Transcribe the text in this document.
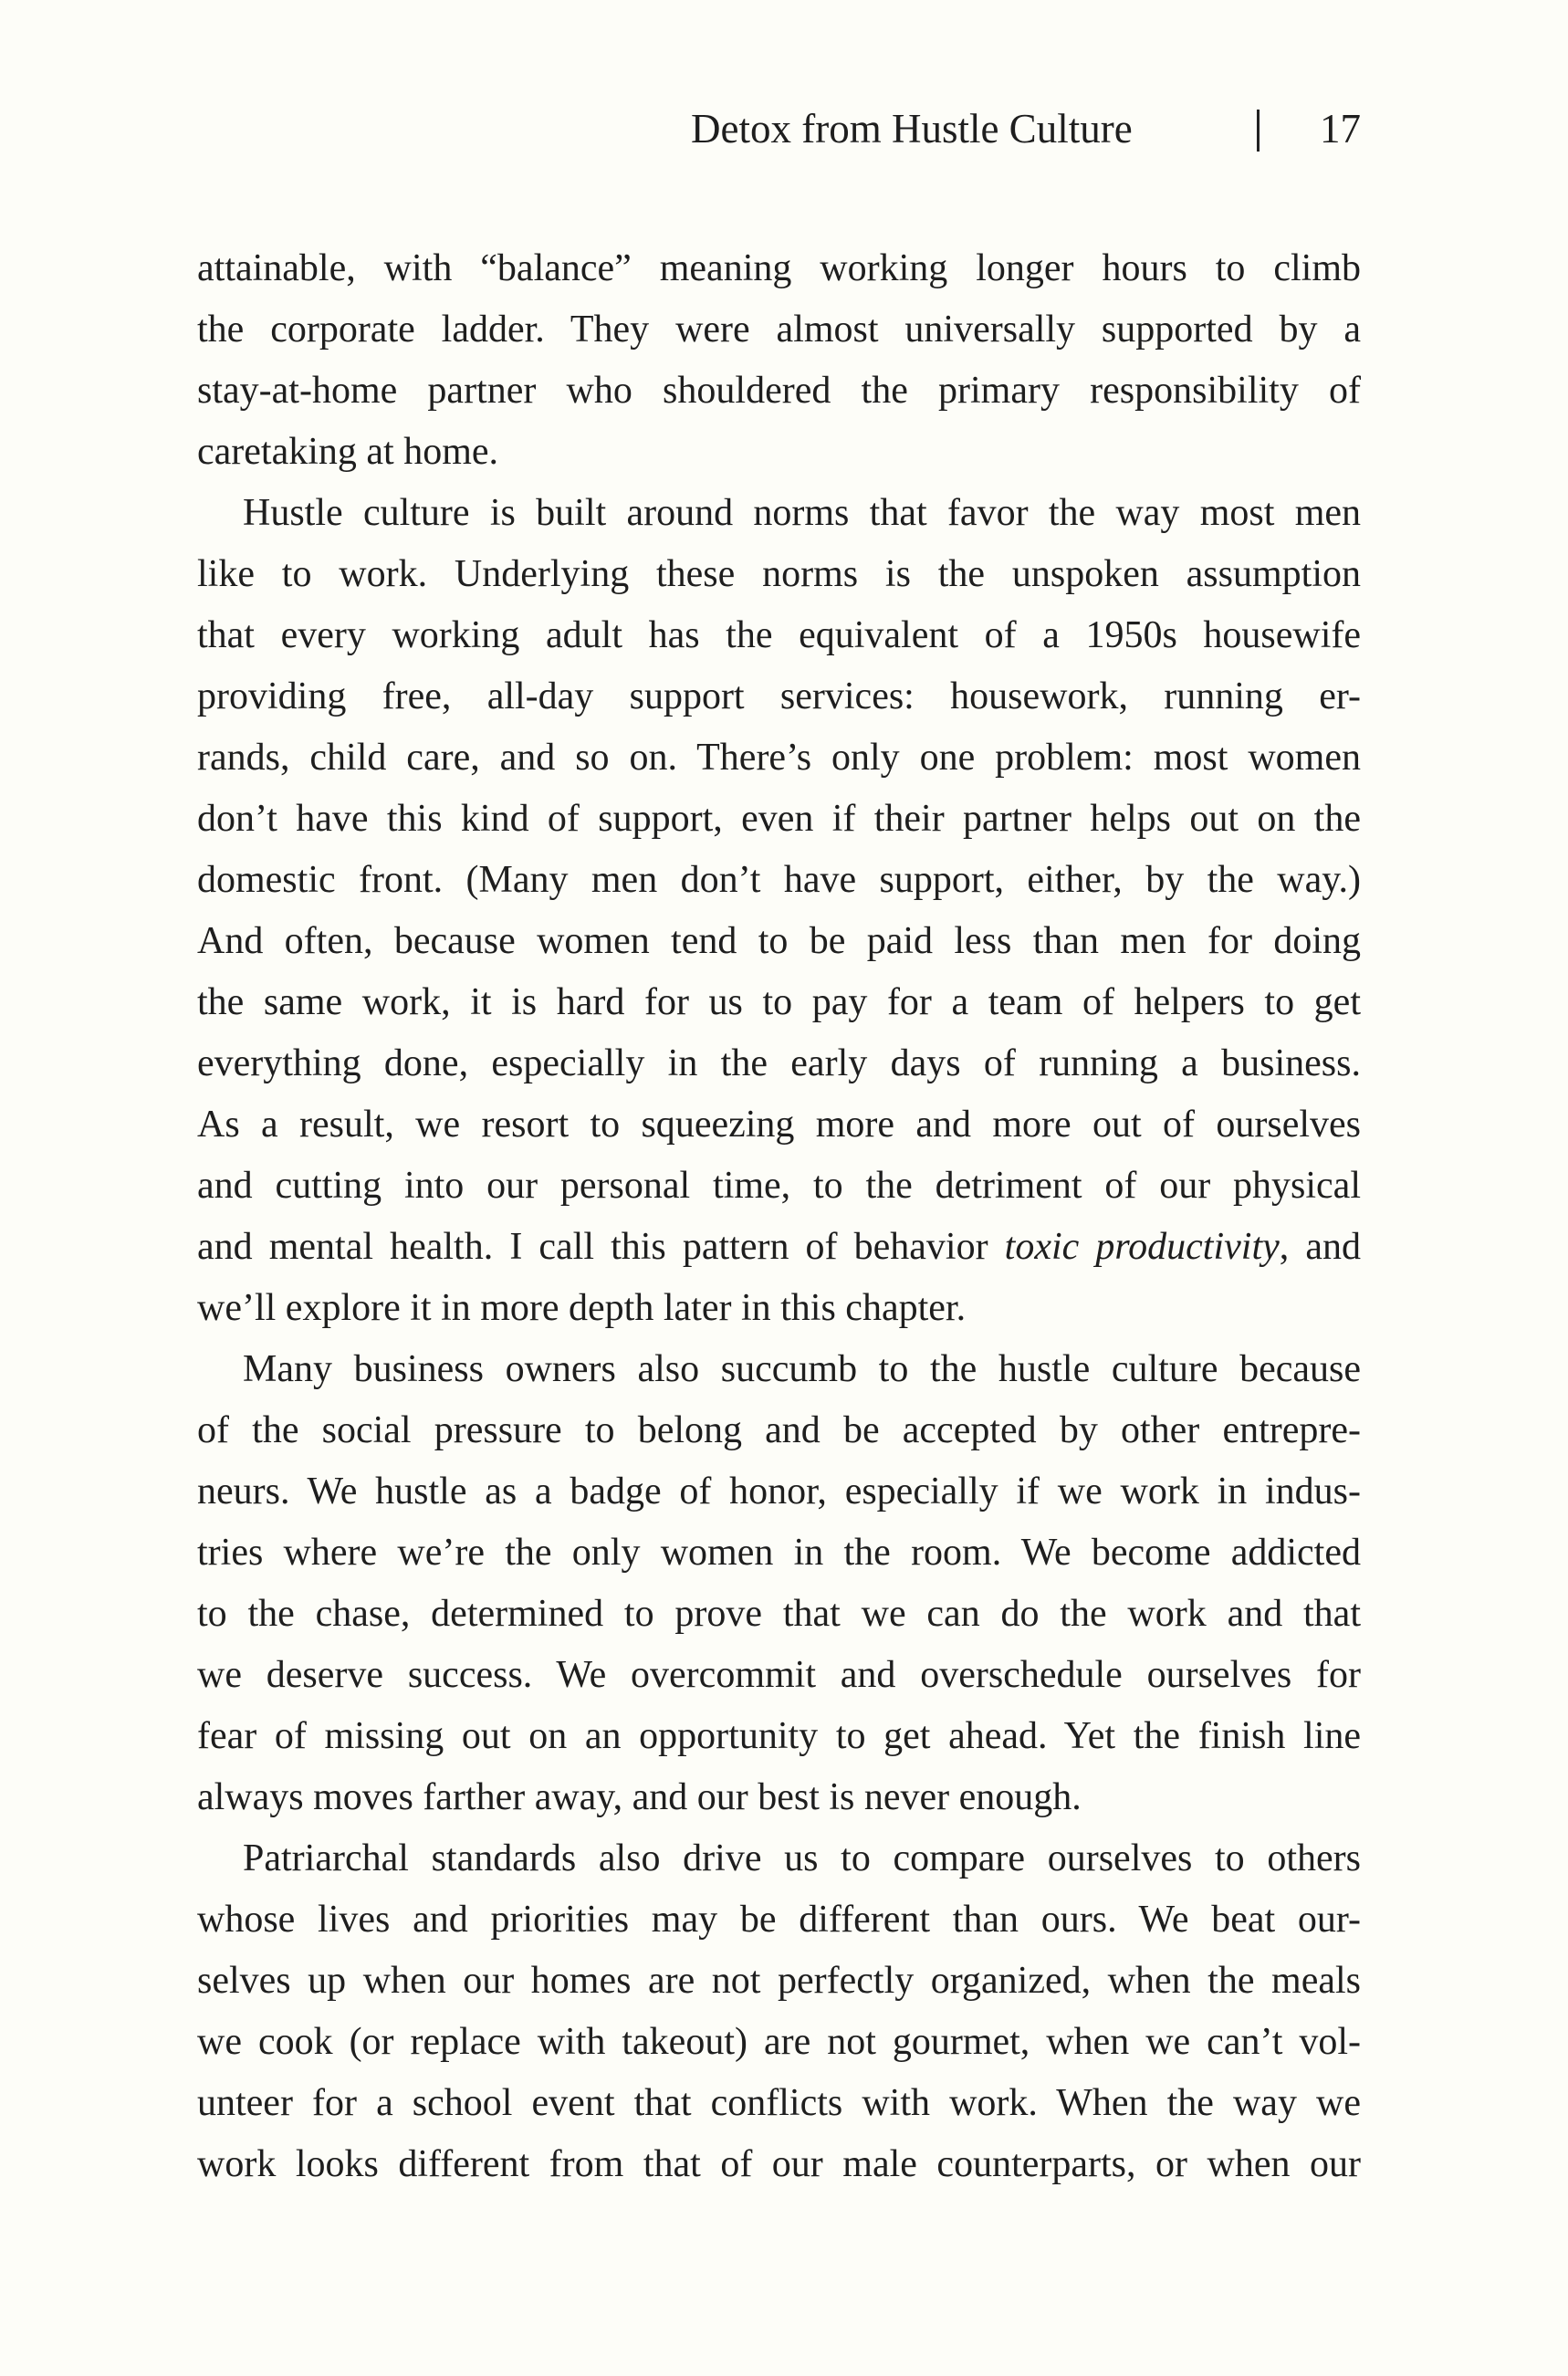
Detox from Hustle Culture	17
attainable, with “balance” meaning working longer hours to climb
the corporate ladder. They were almost universally supported by a
stay-at-home partner who shouldered the primary responsibility of
caretaking at home.
Hustle culture is built around norms that favor the way most men
like to work. Underlying these norms is the unspoken assumption
that every working adult has the equivalent of a 1950s housewife
providing free, all-day support services: housework, running er-
rands, child care, and so on. There’s only one problem: most women
don’t have this kind of support, even if their partner helps out on the
domestic front. (Many men don’t have support, either, by the way.)
And often, because women tend to be paid less than men for doing
the same work, it is hard for us to pay for a team of helpers to get
everything done, especially in the early days of running a business.
As a result, we resort to squeezing more and more out of ourselves
and cutting into our personal time, to the detriment of our physical
and mental health. I call this pattern of behavior toxic productivity, and
we’ll explore it in more depth later in this chapter.
Many business owners also succumb to the hustle culture because
of the social pressure to belong and be accepted by other entrepre-
neurs. We hustle as a badge of honor, especially if we work in indus-
tries where we’re the only women in the room. We become addicted
to the chase, determined to prove that we can do the work and that
we deserve success. We overcommit and overschedule ourselves for
fear of missing out on an opportunity to get ahead. Yet the finish line
always moves farther away, and our best is never enough.
Patriarchal standards also drive us to compare ourselves to others
whose lives and priorities may be different than ours. We beat our-
selves up when our homes are not perfectly organized, when the meals
we cook (or replace with takeout) are not gourmet, when we can’t vol-
unteer for a school event that conflicts with work. When the way we
work looks different from that of our male counterparts, or when our
